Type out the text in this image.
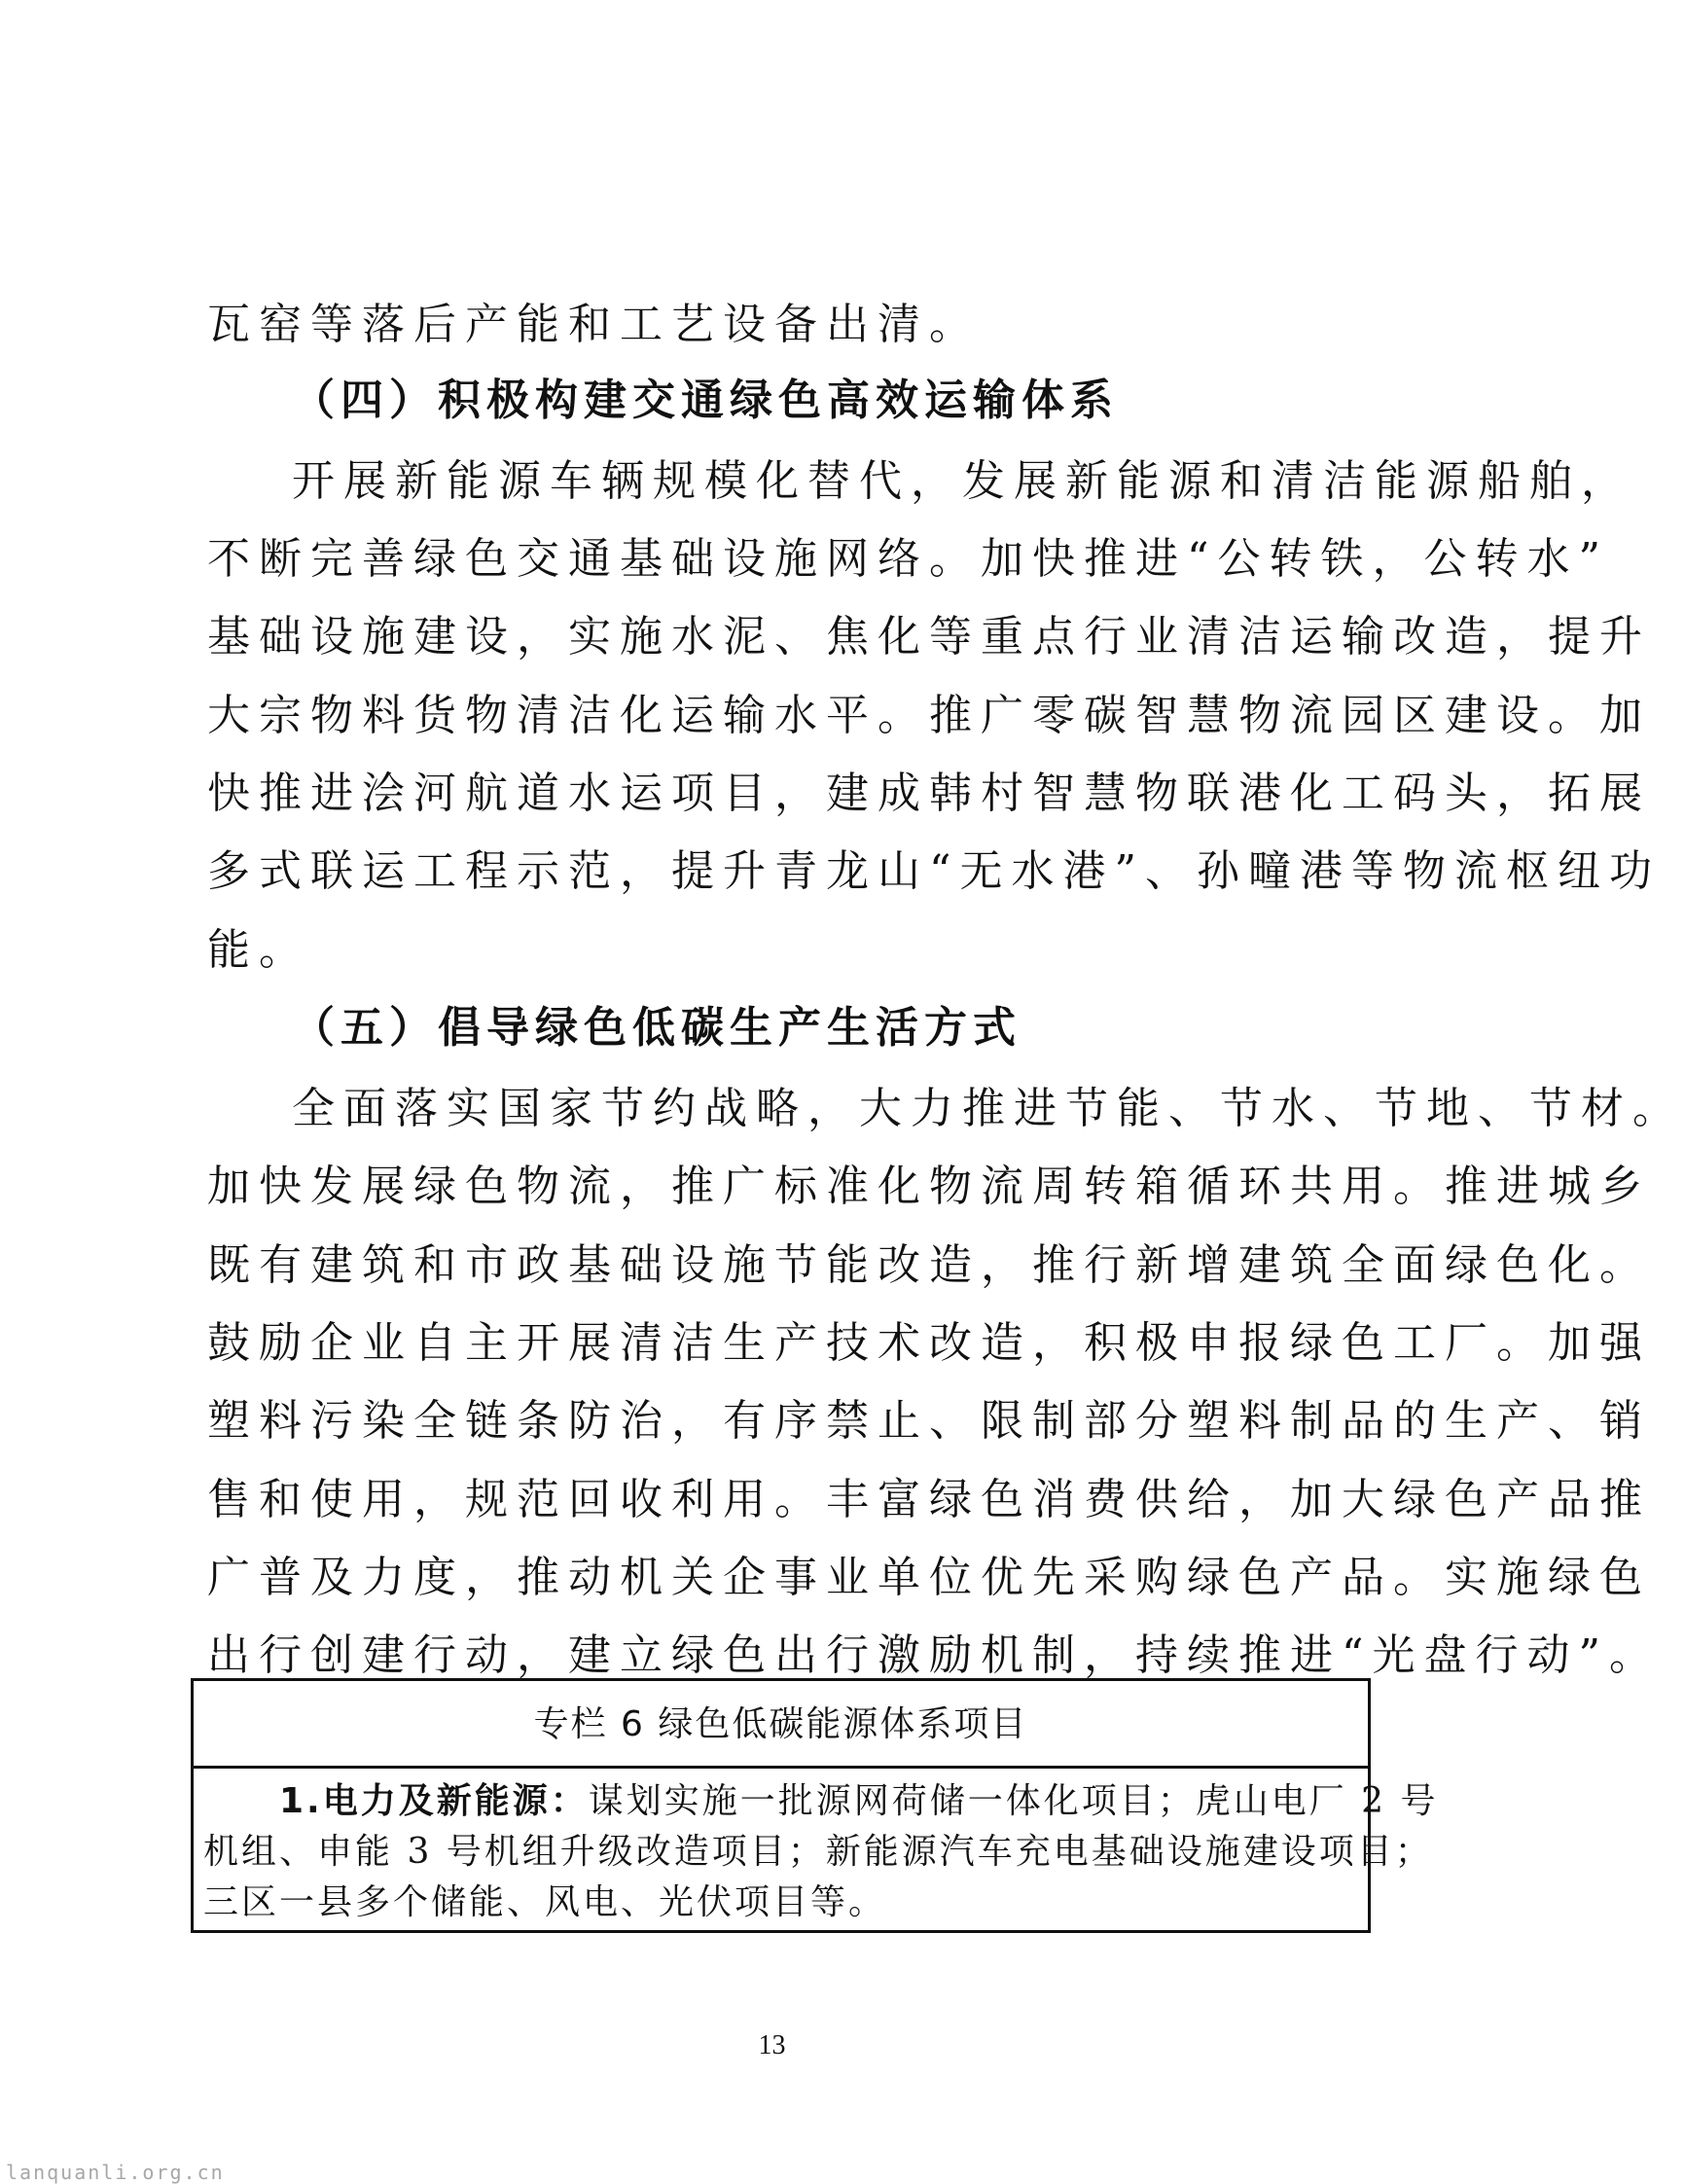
瓦窑等落后产能和工艺设备出清。
（四）积极构建交通绿色高效运输体系
开展新能源车辆规模化替代，发展新能源和清洁能源船舶，
不断完善绿色交通基础设施网络。加快推进“公转铁，公转水”
基础设施建设，实施水泥、焦化等重点行业清洁运输改造，提升
大宗物料货物清洁化运输水平。推广零碳智慧物流园区建设。加
快推进浍河航道水运项目，建成韩村智慧物联港化工码头，拓展
多式联运工程示范，提升青龙山“无水港”、孙疃港等物流枢纽功
能。
（五）倡导绿色低碳生产生活方式
全面落实国家节约战略，大力推进节能、节水、节地、节材。
加快发展绿色物流，推广标准化物流周转箱循环共用。推进城乡
既有建筑和市政基础设施节能改造，推行新增建筑全面绿色化。
鼓励企业自主开展清洁生产技术改造，积极申报绿色工厂。加强
塑料污染全链条防治，有序禁止、限制部分塑料制品的生产、销
售和使用，规范回收利用。丰富绿色消费供给，加大绿色产品推
广普及力度，推动机关企事业单位优先采购绿色产品。实施绿色
出行创建行动，建立绿色出行激励机制，持续推进“光盘行动”。
专栏 6 绿色低碳能源体系项目
1.电力及新能源：谋划实施一批源网荷储一体化项目；虎山电厂 2 号
机组、申能 3 号机组升级改造项目；新能源汽车充电基础设施建设项目；
三区一县多个储能、风电、光伏项目等。
13
lanquanli.org.cn
